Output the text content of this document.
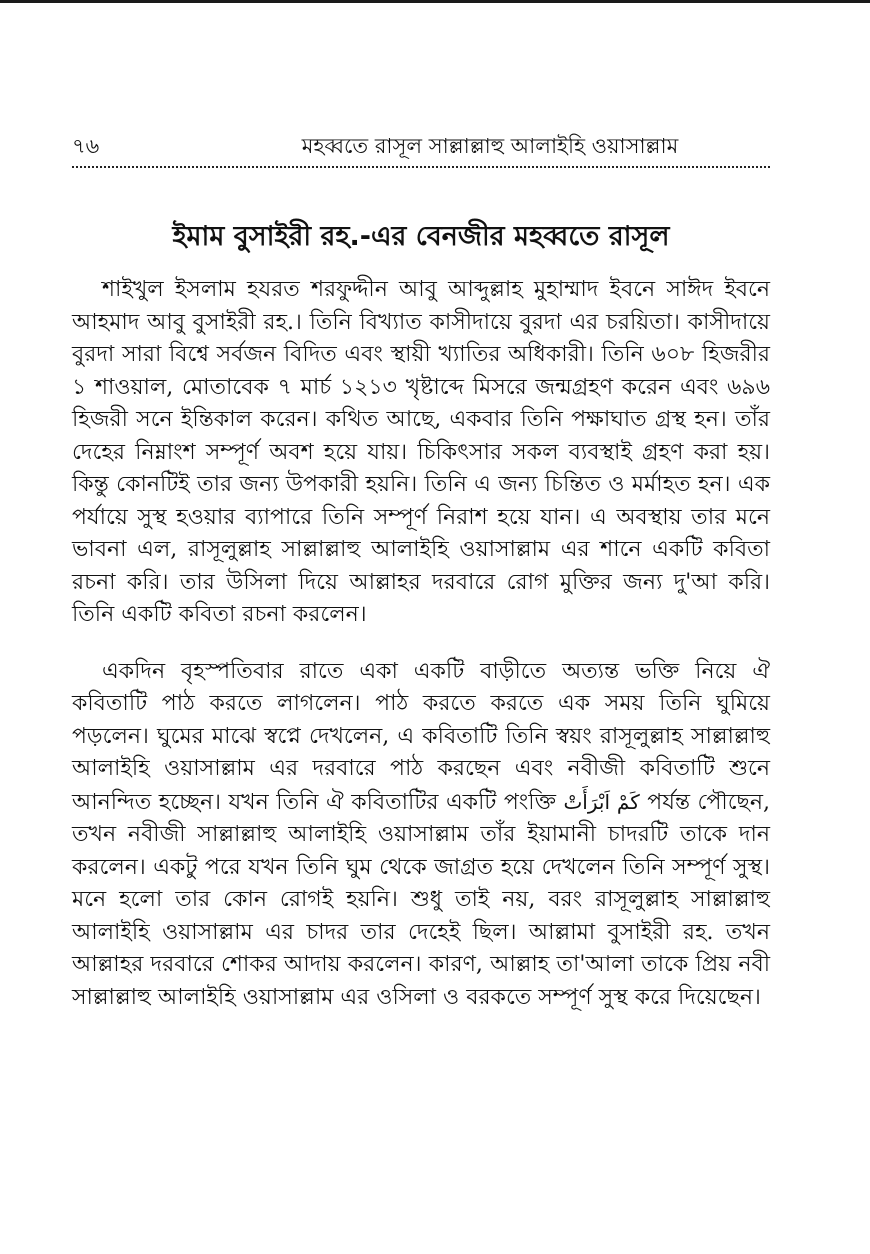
৭৬	মহব্বতে রাসূল সাল্লাল্লাহু আলাইহি ওয়াসাল্লাম
ইমাম বুসাইরী রহ.-এর বেনজীর মহব্বতে রাসূল

শাইখুল ইসলাম হযরত শরফুদ্দীন আবু আব্দুল্লাহ মুহাম্মাদ ইবনে সাঈদ ইবনে আহমাদ আবু বুসাইরী রহ.। তিনি বিখ্যাত কাসীদায়ে বুরদা এর চরয়িতা। কাসীদায়ে বুরদা সারা বিশ্বে সর্বজন বিদিত এবং স্থায়ী খ্যাতির অধিকারী। তিনি ৬০৮ হিজরীর ১ শাওয়াল, মোতাবেক ৭ মার্চ ১২১৩ খৃষ্টাব্দে মিসরে জন্মগ্রহণ করেন এবং ৬৯৬ হিজরী সনে ইন্তিকাল করেন। কথিত আছে, একবার তিনি পক্ষাঘাত গ্রস্থ হন। তাঁর দেহের নিম্নাংশ সম্পূর্ণ অবশ হয়ে যায়। চিকিৎসার সকল ব্যবস্থাই গ্রহণ করা হয়। কিন্তু কোনটিই তার জন্য উপকারী হয়নি। তিনি এ জন্য চিন্তিত ও মর্মাহত হন। এক পর্যায়ে সুস্থ হওয়ার ব্যাপারে তিনি সম্পূর্ণ নিরাশ হয়ে যান। এ অবস্থায় তার মনে ভাবনা এল, রাসূলুল্লাহ সাল্লাল্লাহু আলাইহি ওয়াসাল্লাম এর শানে একটি কবিতা রচনা করি। তার উসিলা দিয়ে আল্লাহর দরবারে রোগ মুক্তির জন্য দু'আ করি। তিনি একটি কবিতা রচনা করলেন।

একদিন বৃহস্পতিবার রাতে একা একটি বাড়ীতে অত্যন্ত ভক্তি নিয়ে ঐ কবিতাটি পাঠ করতে লাগলেন। পাঠ করতে করতে এক সময় তিনি ঘুমিয়ে পড়লেন। ঘুমের মাঝে স্বপ্নে দেখলেন, এ কবিতাটি তিনি স্বয়ং রাসূলুল্লাহ সাল্লাল্লাহু আলাইহি ওয়াসাল্লাম এর দরবারে পাঠ করছেন এবং নবীজী কবিতাটি শুনে আনন্দিত হচ্ছেন। যখন তিনি ঐ কবিতাটির একটি পংক্তি كَمْ اَبْرَأَتْ পর্যন্ত পৌছেন, তখন নবীজী সাল্লাল্লাহু আলাইহি ওয়াসাল্লাম তাঁর ইয়ামানী চাদরটি তাকে দান করলেন। একটু পরে যখন তিনি ঘুম থেকে জাগ্রত হয়ে দেখলেন তিনি সম্পূর্ণ সুস্থ। মনে হলো তার কোন রোগই হয়নি। শুধু তাই নয়, বরং রাসূলুল্লাহ সাল্লাল্লাহু আলাইহি ওয়াসাল্লাম এর চাদর তার দেহেই ছিল। আল্লামা বুসাইরী রহ. তখন আল্লাহর দরবারে শোকর আদায় করলেন। কারণ, আল্লাহ তা'আলা তাকে প্রিয় নবী সাল্লাল্লাহু আলাইহি ওয়াসাল্লাম এর ওসিলা ও বরকতে সম্পূর্ণ সুস্থ করে দিয়েছেন।
